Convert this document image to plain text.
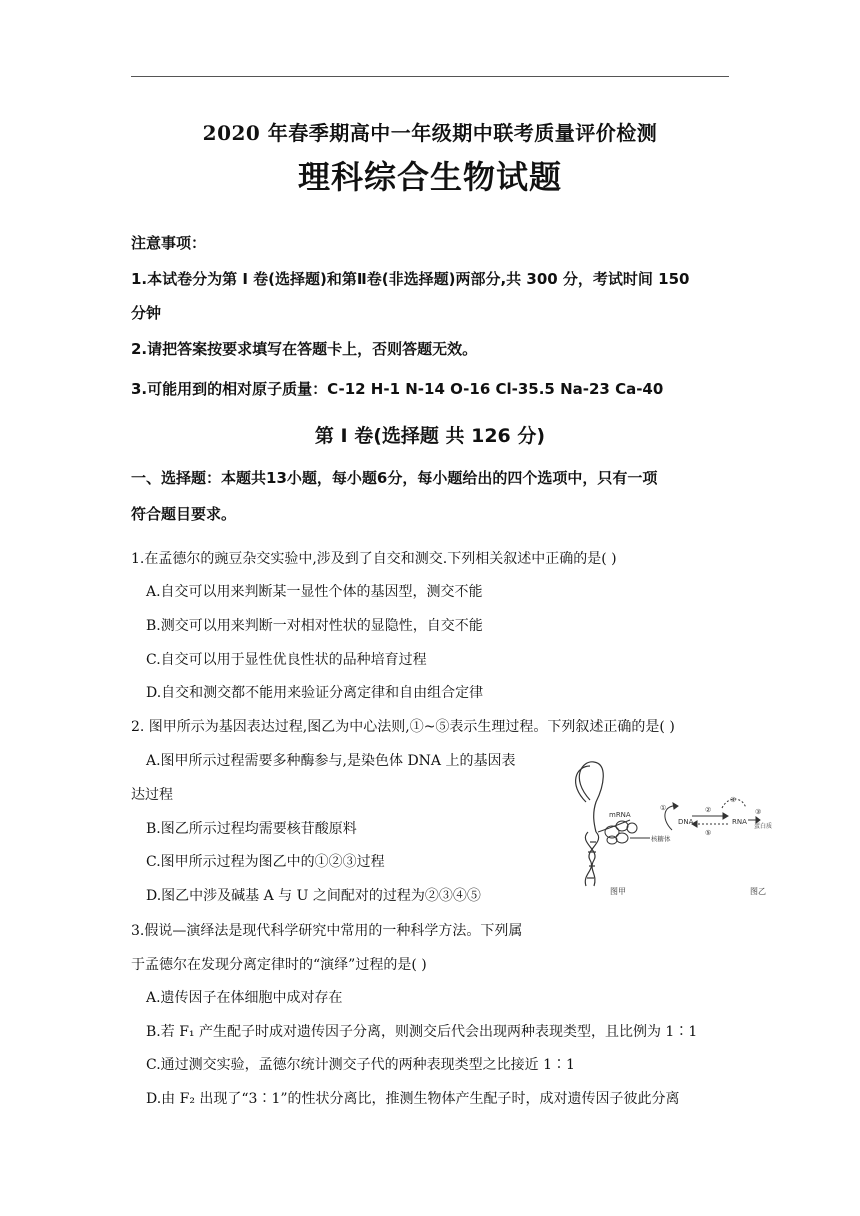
2020 年春季期高中一年级期中联考质量评价检测
理科综合生物试题
注意事项：
1.本试卷分为第 I 卷(选择题)和第Ⅱ卷(非选择题)两部分,共 300 分，考试时间 150
分钟
2.请把答案按要求填写在答题卡上，否则答题无效。
3.可能用到的相对原子质量：C-12 H-1 N-14 O-16 Cl-35.5 Na-23 Ca-40
第 I 卷(选择题 共 126 分)
一、选择题：本题共13小题，每小题6分，每小题给出的四个选项中，只有一项
符合题目要求。
1.在孟德尔的豌豆杂交实验中,涉及到了自交和测交.下列相关叙述中正确的是( )
A.自交可以用来判断某一显性个体的基因型，测交不能
B.测交可以用来判断一对相对性状的显隐性，自交不能
C.自交可以用于显性优良性状的品种培育过程
D.自交和测交都不能用来验证分离定律和自由组合定律
2. 图甲所示为基因表达过程,图乙为中心法则,①~⑤表示生理过程。下列叙述正确的是( )
A.图甲所示过程需要多种酶参与,是染色体 DNA 上的基因表
达过程
B.图乙所示过程均需要核苷酸原料
C.图甲所示过程为图乙中的①②③过程
D.图乙中涉及碱基 A 与 U 之间配对的过程为②③④⑤
mRNA
核糖体
DNA	RNA
蛋白质
①	②
④
③
⑤
图甲	图乙
3.假说—演绎法是现代科学研究中常用的一种科学方法。下列属
于孟德尔在发现分离定律时的“演绎”过程的是( )
A.遗传因子在体细胞中成对存在
B.若 F₁ 产生配子时成对遗传因子分离，则测交后代会出现两种表现类型，且比例为 1∶1
C.通过测交实验，孟德尔统计测交子代的两种表现类型之比接近 1∶1
D.由 F₂ 出现了“3∶1”的性状分离比，推测生物体产生配子时，成对遗传因子彼此分离
